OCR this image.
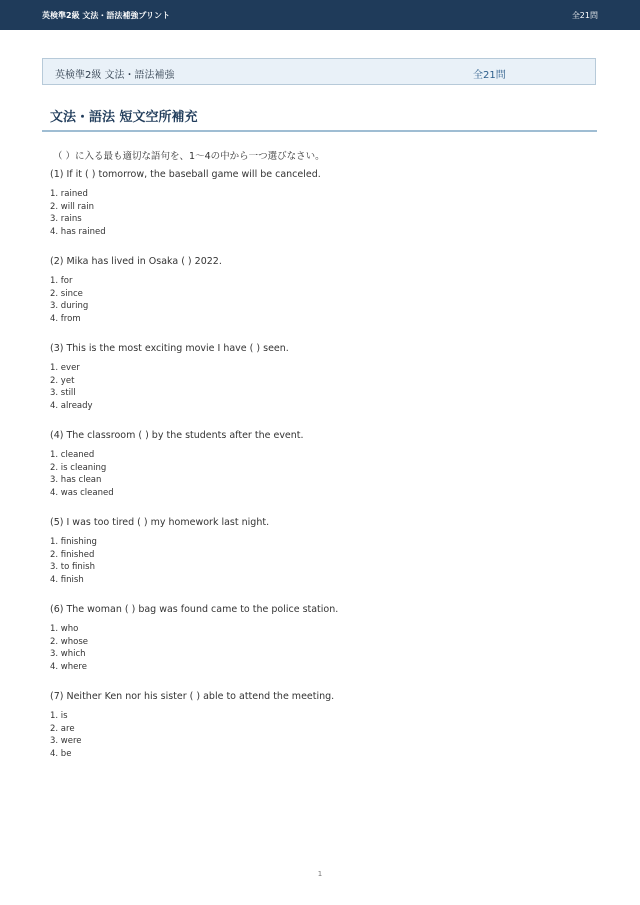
英検準2級 文法・語法補強プリント	全21問
英検準2級 文法・語法補強	全21問
文法・語法 短文空所補充
（ ）に入る最も適切な語句を、1〜4の中から一つ選びなさい。
(1) If it ( ) tomorrow, the baseball game will be canceled.
1. rained
2. will rain
3. rains
4. has rained
(2) Mika has lived in Osaka ( ) 2022.
1. for
2. since
3. during
4. from
(3) This is the most exciting movie I have ( ) seen.
1. ever
2. yet
3. still
4. already
(4) The classroom ( ) by the students after the event.
1. cleaned
2. is cleaning
3. has clean
4. was cleaned
(5) I was too tired ( ) my homework last night.
1. finishing
2. finished
3. to finish
4. finish
(6) The woman ( ) bag was found came to the police station.
1. who
2. whose
3. which
4. where
(7) Neither Ken nor his sister ( ) able to attend the meeting.
1. is
2. are
3. were
4. be
1
